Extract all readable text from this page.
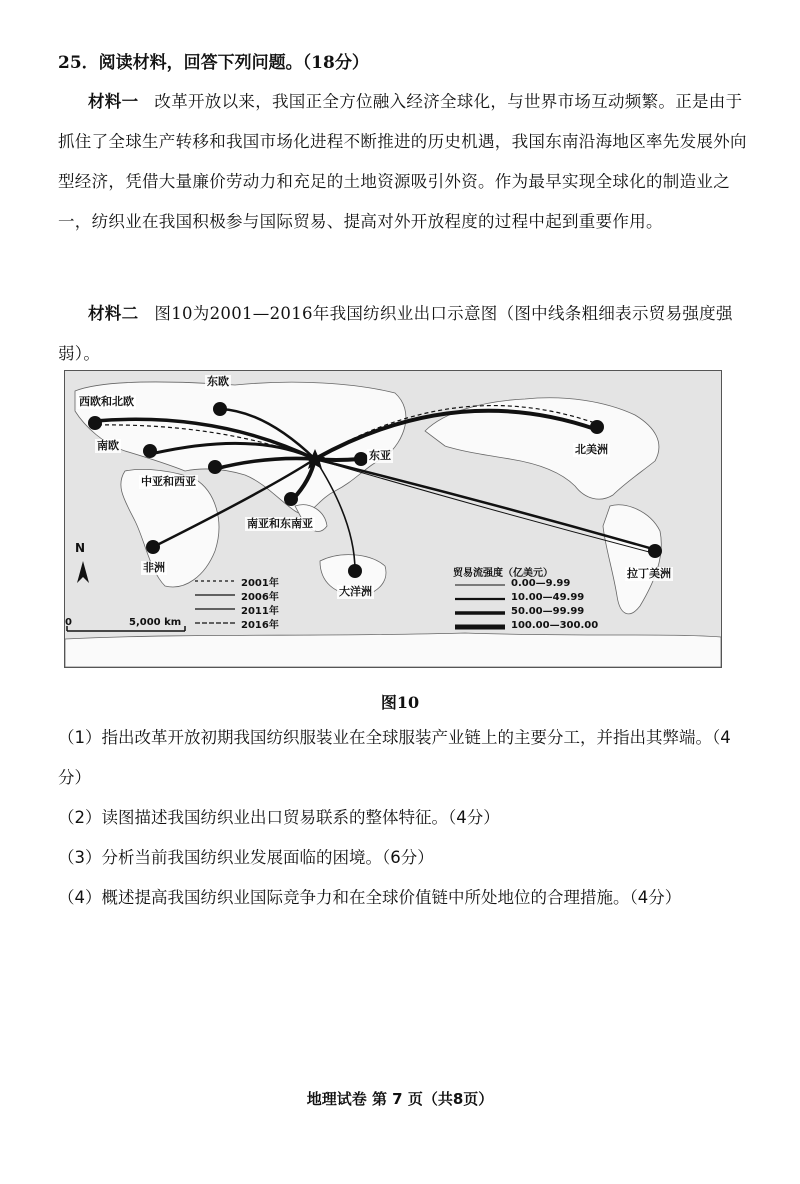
25．阅读材料，回答下列问题。（18分）
材料一 改革开放以来，我国正全方位融入经济全球化，与世界市场互动频繁。正是由于抓住了全球生产转移和我国市场化进程不断推进的历史机遇，我国东南沿海地区率先发展外向型经济，凭借大量廉价劳动力和充足的土地资源吸引外资。作为最早实现全球化的制造业之一，纺织业在我国积极参与国际贸易、提高对外开放程度的过程中起到重要作用。
材料二 图10为2001—2016年我国纺织业出口示意图（图中线条粗细表示贸易强度强弱）。
西欧和北欧
东欧
南欧
中亚和西亚
东亚
南亚和东南亚
非洲
大洋洲
北美洲
拉丁美洲
N
0	5,000 km
2001年
2006年
2011年
2016年
贸易流强度（亿美元）
0.00—9.99
10.00—49.99
50.00—99.99
100.00—300.00
图10
（1）指出改革开放初期我国纺织服装业在全球服装产业链上的主要分工，并指出其弊端。（4分）
（2）读图描述我国纺织业出口贸易联系的整体特征。（4分）
（3）分析当前我国纺织业发展面临的困境。（6分）
（4）概述提高我国纺织业国际竞争力和在全球价值链中所处地位的合理措施。（4分）
地理试卷 第 7 页（共8页）
